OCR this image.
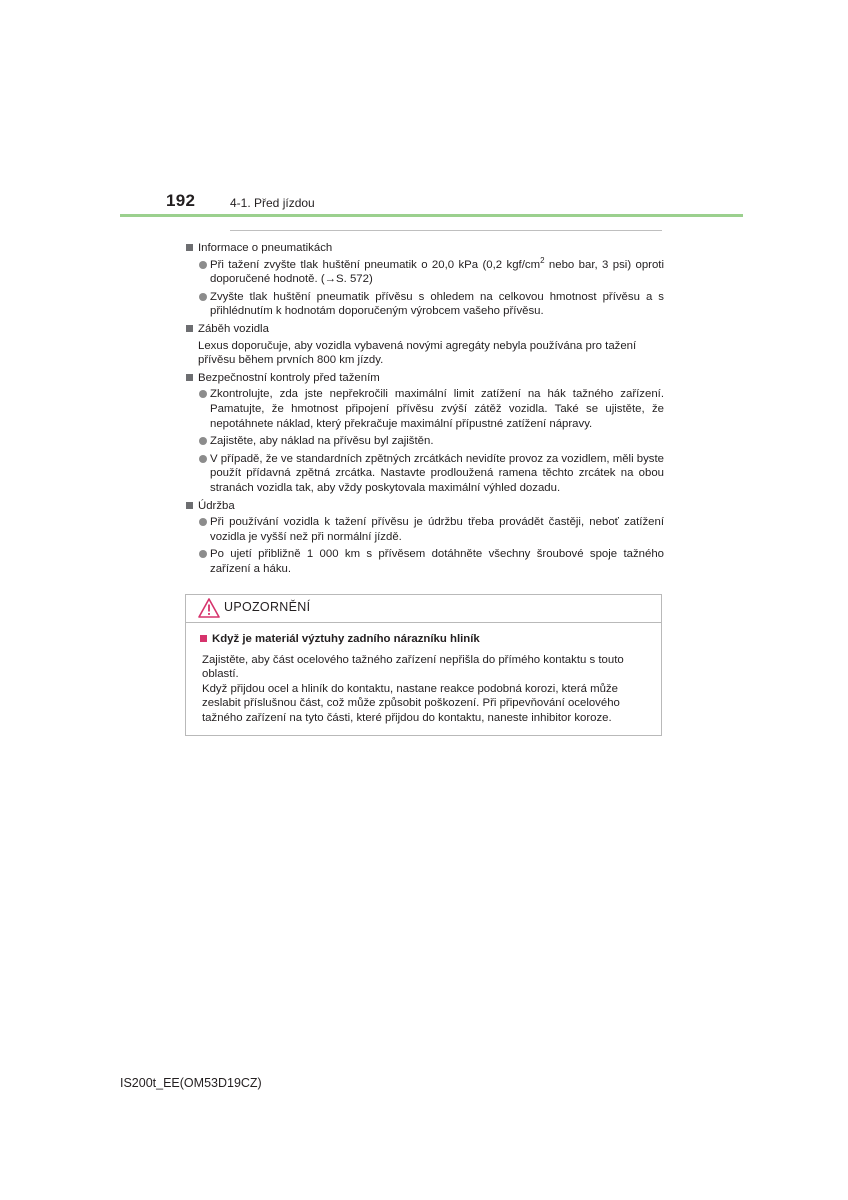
192	4-1. Před jízdou
Informace o pneumatikách
Při tažení zvyšte tlak huštění pneumatik o 20,0 kPa (0,2 kgf/$cm^2$ nebo bar, 3 psi) oproti doporučené hodnotě. (→S. 572)
Zvyšte tlak huštění pneumatik přívěsu s ohledem na celkovou hmotnost přívěsu a s přihlédnutím k hodnotám doporučeným výrobcem vašeho přívěsu.
Záběh vozidla
Lexus doporučuje, aby vozidla vybavená novými agregáty nebyla používána pro tažení přívěsu během prvních 800 km jízdy.
Bezpečnostní kontroly před tažením
Zkontrolujte, zda jste nepřekročili maximální limit zatížení na hák tažného zařízení. Pamatujte, že hmotnost připojení přívěsu zvýší zátěž vozidla. Také se ujistěte, že nepotáhnete náklad, který překračuje maximální přípustné zatížení nápravy.
Zajistěte, aby náklad na přívěsu byl zajištěn.
V případě, že ve standardních zpětných zrcátkách nevidíte provoz za vozidlem, měli byste použít přídavná zpětná zrcátka. Nastavte prodloužená ramena těchto zrcátek na obou stranách vozidla tak, aby vždy poskytovala maximální výhled dozadu.
Údržba
Při používání vozidla k tažení přívěsu je údržbu třeba provádět častěji, neboť zatížení vozidla je vyšší než při normální jízdě.
Po ujetí přibližně 1 000 km s přívěsem dotáhněte všechny šroubové spoje tažného zařízení a háku.
UPOZORNĚNÍ
Když je materiál výztuhy zadního nárazníku hliník
Zajistěte, aby část ocelového tažného zařízení nepřišla do přímého kontaktu s touto oblastí.
Když přijdou ocel a hliník do kontaktu, nastane reakce podobná korozi, která může zeslabit příslušnou část, což může způsobit poškození. Při připevňování ocelového tažného zařízení na tyto části, které přijdou do kontaktu, naneste inhibitor koroze.
IS200t_EE(OM53D19CZ)
